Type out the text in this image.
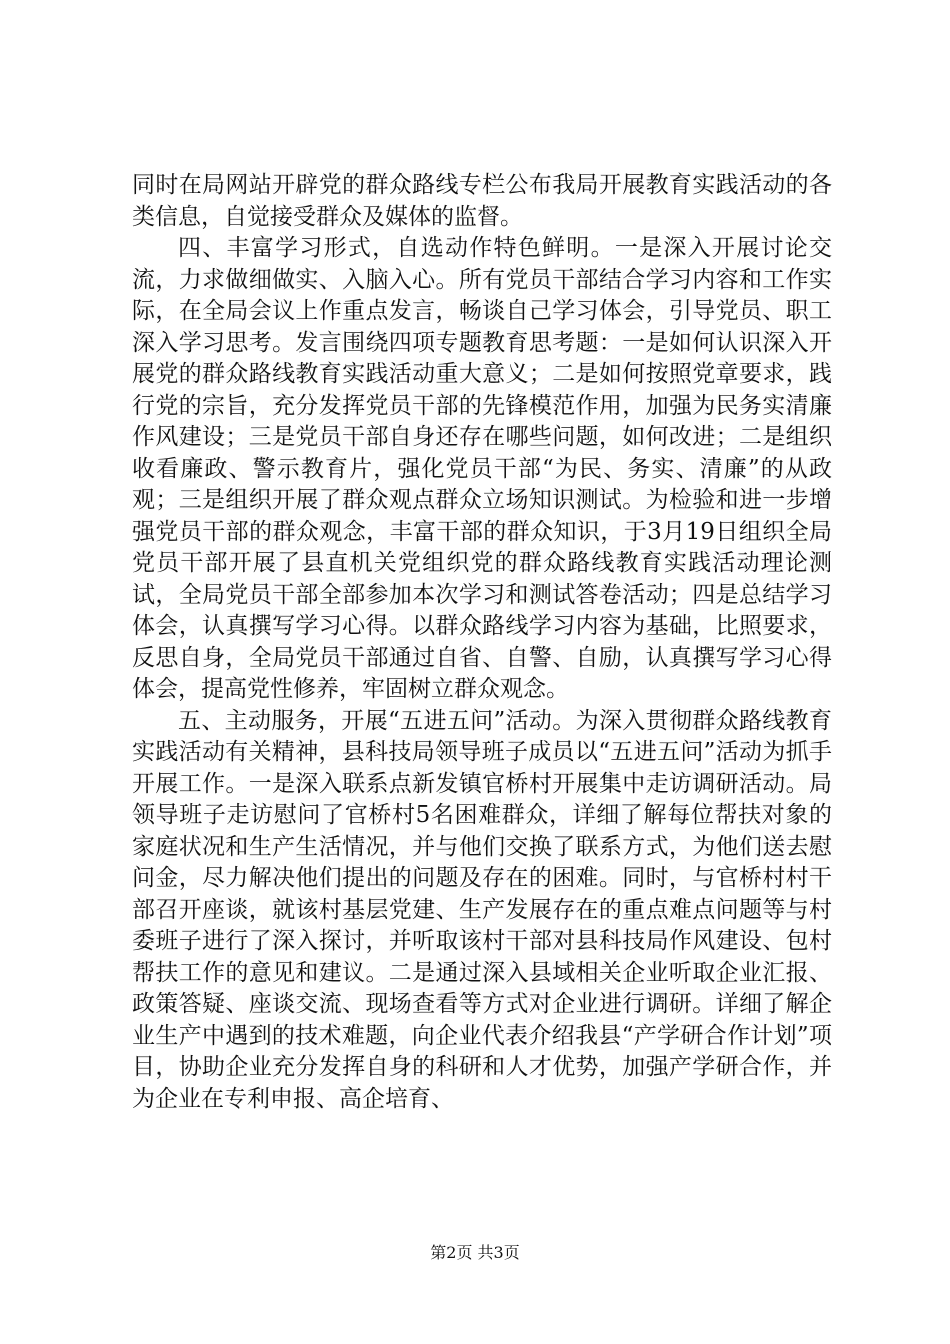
同时在局网站开辟党的群众路线专栏公布我局开展教育实践活动的各类信息，自觉接受群众及媒体的监督。

四、丰富学习形式，自选动作特色鲜明。一是深入开展讨论交流，力求做细做实、入脑入心。所有党员干部结合学习内容和工作实际，在全局会议上作重点发言，畅谈自己学习体会，引导党员、职工深入学习思考。发言围绕四项专题教育思考题：一是如何认识深入开展党的群众路线教育实践活动重大意义；二是如何按照党章要求，践行党的宗旨，充分发挥党员干部的先锋模范作用，加强为民务实清廉作风建设；三是党员干部自身还存在哪些问题，如何改进；二是组织收看廉政、警示教育片，强化党员干部“为民、务实、清廉”的从政观；三是组织开展了群众观点群众立场知识测试。为检验和进一步增强党员干部的群众观念，丰富干部的群众知识，于3月19日组织全局党员干部开展了县直机关党组织党的群众路线教育实践活动理论测试，全局党员干部全部参加本次学习和测试答卷活动；四是总结学习体会，认真撰写学习心得。以群众路线学习内容为基础，比照要求，反思自身，全局党员干部通过自省、自警、自励，认真撰写学习心得体会，提高党性修养，牢固树立群众观念。

五、主动服务，开展“五进五问”活动。为深入贯彻群众路线教育实践活动有关精神，县科技局领导班子成员以“五进五问”活动为抓手开展工作。一是深入联系点新发镇官桥村开展集中走访调研活动。局领导班子走访慰问了官桥村5名困难群众，详细了解每位帮扶对象的家庭状况和生产生活情况，并与他们交换了联系方式，为他们送去慰问金，尽力解决他们提出的问题及存在的困难。同时，与官桥村村干部召开座谈，就该村基层党建、生产发展存在的重点难点问题等与村委班子进行了深入探讨，并听取该村干部对县科技局作风建设、包村帮扶工作的意见和建议。二是通过深入县域相关企业听取企业汇报、政策答疑、座谈交流、现场查看等方式对企业进行调研。详细了解企业生产中遇到的技术难题，向企业代表介绍我县“产学研合作计划”项目，协助企业充分发挥自身的科研和人才优势，加强产学研合作，并为企业在专利申报、高企培育、

第2页 共3页
